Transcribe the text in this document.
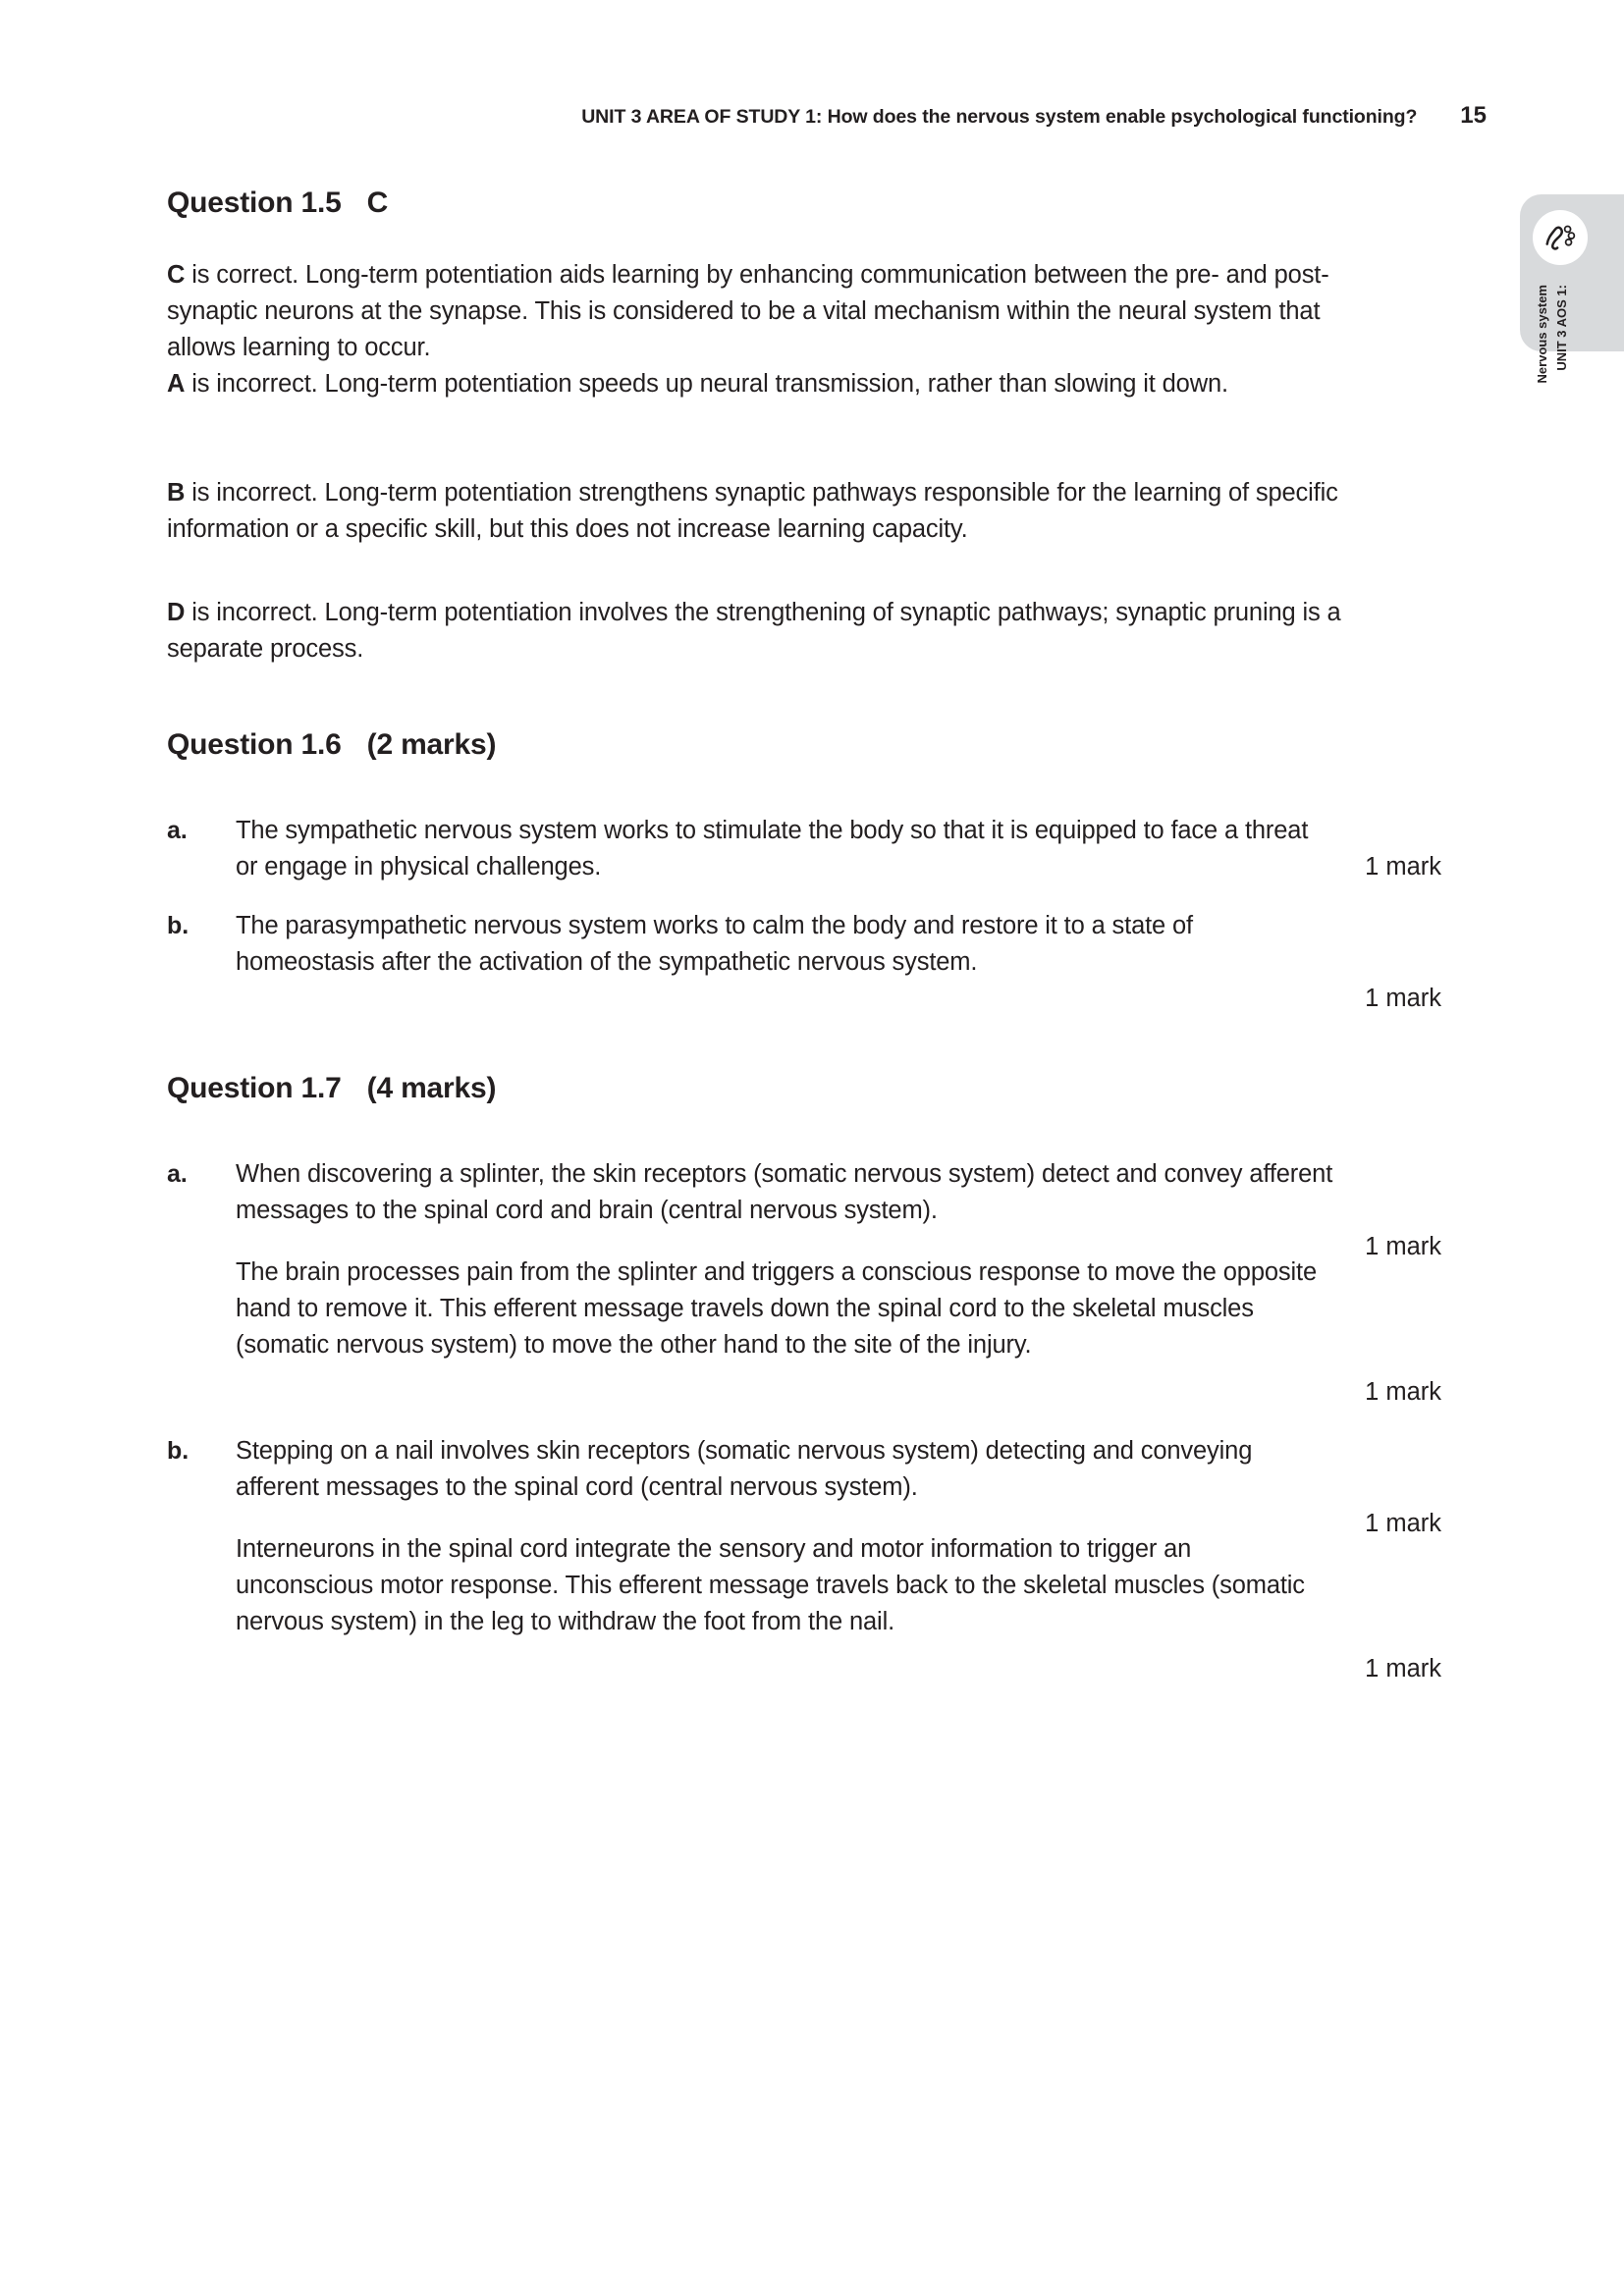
UNIT 3 AREA OF STUDY 1: How does the nervous system enable psychological functioning? 15
UNIT 3 AOS 1:
Nervous system
Question 1.5 C

C is correct. Long-term potentiation aids learning by enhancing communication between the pre- and post-synaptic neurons at the synapse. This is considered to be a vital mechanism within the neural system that allows learning to occur.

A is incorrect. Long-term potentiation speeds up neural transmission, rather than slowing it down.

B is incorrect. Long-term potentiation strengthens synaptic pathways responsible for the learning of specific information or a specific skill, but this does not increase learning capacity.

D is incorrect. Long-term potentiation involves the strengthening of synaptic pathways; synaptic pruning is a separate process.

Question 1.6 (2 marks)
a.	The sympathetic nervous system works to stimulate the body so that it is equipped to face a threat or engage in physical challenges.	1 mark
b.	The parasympathetic nervous system works to calm the body and restore it to a state of homeostasis after the activation of the sympathetic nervous system.
1 mark
Question 1.7 (4 marks)
a.	When discovering a splinter, the skin receptors (somatic nervous system) detect and convey afferent messages to the spinal cord and brain (central nervous system).
The brain processes pain from the splinter and triggers a conscious response to move the opposite hand to remove it. This efferent message travels down the spinal cord to the skeletal muscles (somatic nervous system) to move the other hand to the site of the injury.
1 mark
1 mark
b.	Stepping on a nail involves skin receptors (somatic nervous system) detecting and conveying afferent messages to the spinal cord (central nervous system).
Interneurons in the spinal cord integrate the sensory and motor information to trigger an unconscious motor response. This efferent message travels back to the skeletal muscles (somatic nervous system) in the leg to withdraw the foot from the nail.
1 mark
1 mark
